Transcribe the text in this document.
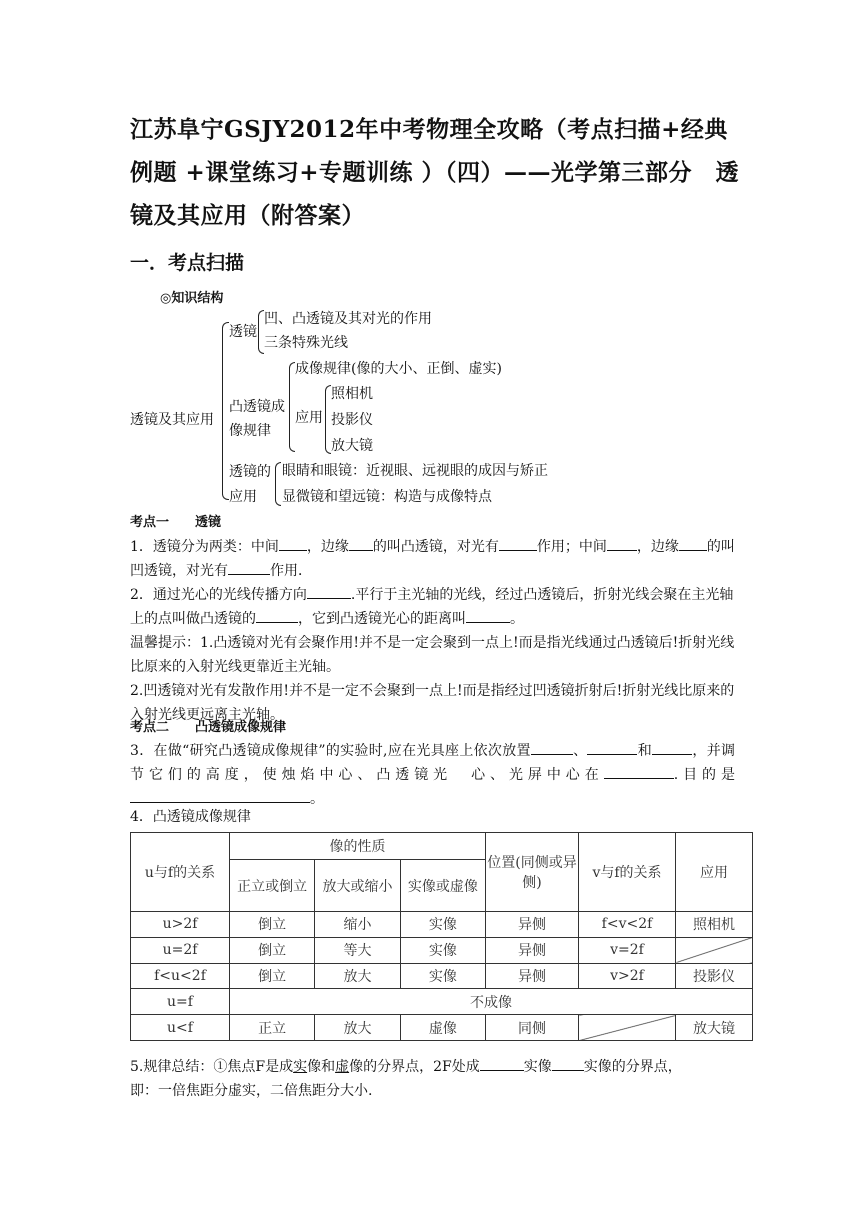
江苏阜宁GSJY2012年中考物理全攻略（考点扫描+经典例题 +课堂练习+专题训练 ）（四）——光学第三部分　透镜及其应用（附答案）
一．考点扫描
◎知识结构
透镜及其应用
透镜
凹、凸透镜及其对光的作用
三条特殊光线
凸透镜成
像规律
成像规律(像的大小、正倒、虚实)
应用
照相机
投影仪
放大镜
透镜的
应用
眼睛和眼镜：近视眼、远视眼的成因与矫正
显微镜和望远镜：构造与成像特点
考点一　　透镜
1．透镜分为两类：中间 ，边缘 的叫凸透镜，对光有	作用；中间 ，边缘 的叫凹透镜，对光有	作用．
2．通过光心的光线传播方向	.平行于主光轴的光线，经过凸透镜后，折射光线会聚在主光轴上的点叫做凸透镜的	，它到凸透镜光心的距离叫	。
温馨提示：1.凸透镜对光有会聚作用!并不是一定会聚到一点上!而是指光线通过凸透镜后!折射光线比原来的入射光线更靠近主光轴。
2.凹透镜对光有发散作用!并不是一定不会聚到一点上!而是指经过凹透镜折射后!折射光线比原来的入射光线更远离主光轴。
考点二　　凸透镜成像规律
3．在做“研究凸透镜成像规律”的实验时,应在光具座上依次放置	、	和	，并调节它们的高度，使烛焰中心、凸透镜光　心、光屏中心在	.目的是。
4．凸透镜成像规律
u与f的关系	像的性质			位置(同侧或异侧)	v与f的关系	应用
	正立或倒立	放大或缩小	实像或虚像			
u>2f	倒立	缩小	实像	异侧	f<v<2f	照相机
u=2f	倒立	等大	实像	异侧	v=2f	
f<u<2f	倒立	放大	实像	异侧	v>2f	投影仪
u=f	不成像					
u<f	正立	放大	虚像	同侧		放大镜
5.规律总结：①焦点F是成实像和虚像的分界点，2F处成	实像 实像的分界点，
即：一倍焦距分虚实，二倍焦距分大小.
